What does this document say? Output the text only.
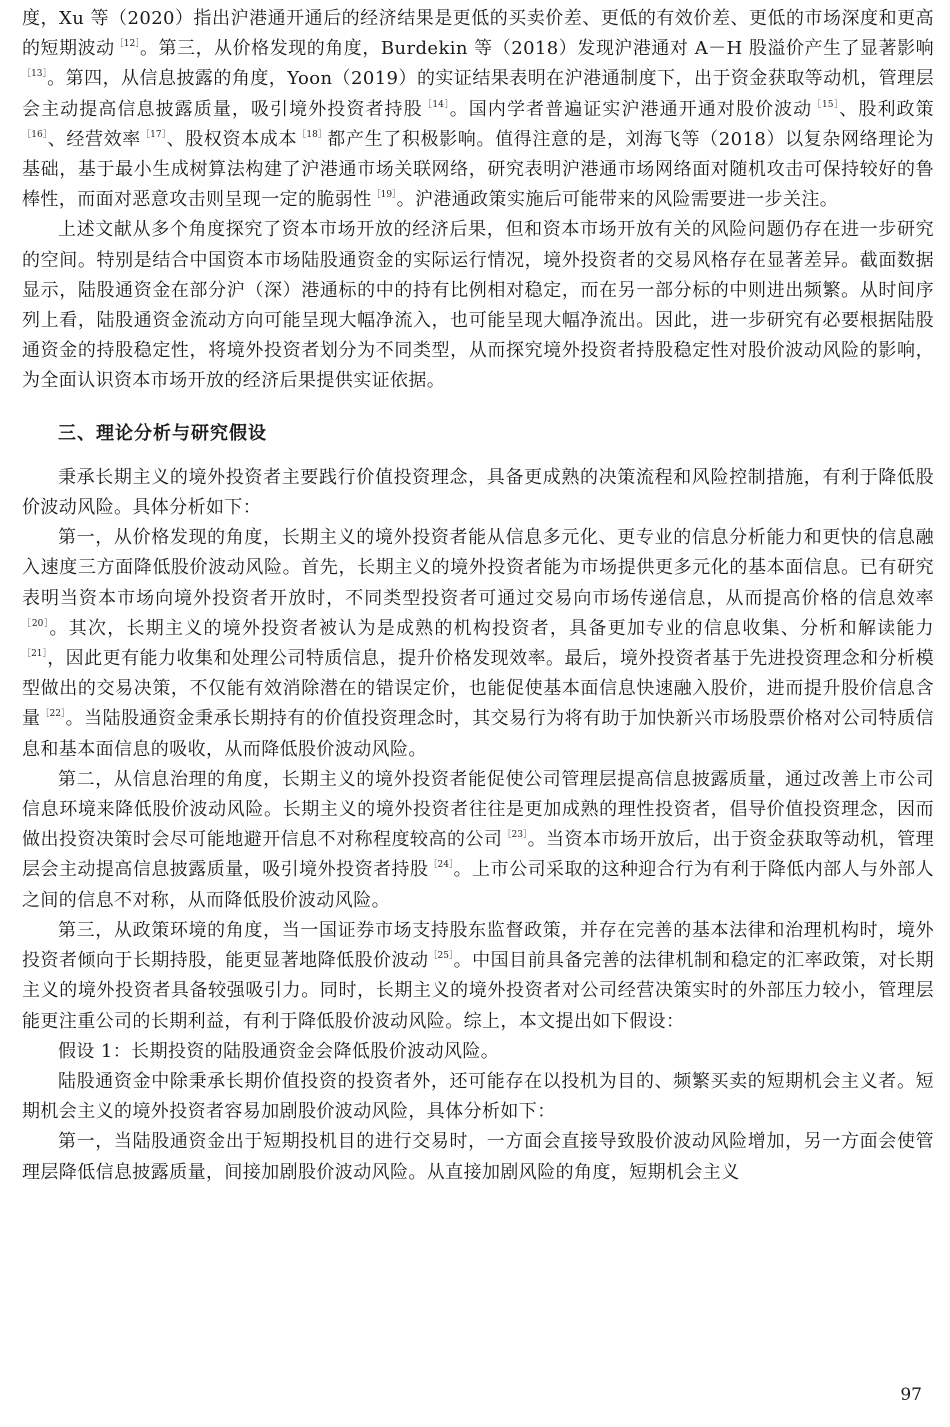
度，Xu 等（2020）指出沪港通开通后的经济结果是更低的买卖价差、更低的有效价差、更低的市场深度和更高的短期波动$^{[12]}$。第三，从价格发现的角度，Burdekin 等（2018）发现沪港通对 A－H 股溢价产生了显著影响$^{[13]}$。第四，从信息披露的角度，Yoon（2019）的实证结果表明在沪港通制度下，出于资金获取等动机，管理层会主动提高信息披露质量，吸引境外投资者持股$^{[14]}$。国内学者普遍证实沪港通开通对股价波动$^{[15]}$、股利政策$^{[16]}$、经营效率$^{[17]}$、股权资本成本$^{[18]}$都产生了积极影响。值得注意的是，刘海飞等（2018）以复杂网络理论为基础，基于最小生成树算法构建了沪港通市场关联网络，研究表明沪港通市场网络面对随机攻击可保持较好的鲁棒性，而面对恶意攻击则呈现一定的脆弱性$^{[19]}$。沪港通政策实施后可能带来的风险需要进一步关注。

上述文献从多个角度探究了资本市场开放的经济后果，但和资本市场开放有关的风险问题仍存在进一步研究的空间。特别是结合中国资本市场陆股通资金的实际运行情况，境外投资者的交易风格存在显著差异。截面数据显示，陆股通资金在部分沪（深）港通标的中的持有比例相对稳定，而在另一部分标的中则进出频繁。从时间序列上看，陆股通资金流动方向可能呈现大幅净流入，也可能呈现大幅净流出。因此，进一步研究有必要根据陆股通资金的持股稳定性，将境外投资者划分为不同类型，从而探究境外投资者持股稳定性对股价波动风险的影响，为全面认识资本市场开放的经济后果提供实证依据。

三、理论分析与研究假设

秉承长期主义的境外投资者主要践行价值投资理念，具备更成熟的决策流程和风险控制措施，有利于降低股价波动风险。具体分析如下：

第一，从价格发现的角度，长期主义的境外投资者能从信息多元化、更专业的信息分析能力和更快的信息融入速度三方面降低股价波动风险。首先，长期主义的境外投资者能为市场提供更多元化的基本面信息。已有研究表明当资本市场向境外投资者开放时，不同类型投资者可通过交易向市场传递信息，从而提高价格的信息效率$^{[20]}$。其次，长期主义的境外投资者被认为是成熟的机构投资者，具备更加专业的信息收集、分析和解读能力$^{[21]}$，因此更有能力收集和处理公司特质信息，提升价格发现效率。最后，境外投资者基于先进投资理念和分析模型做出的交易决策，不仅能有效消除潜在的错误定价，也能促使基本面信息快速融入股价，进而提升股价信息含量$^{[22]}$。当陆股通资金秉承长期持有的价值投资理念时，其交易行为将有助于加快新兴市场股票价格对公司特质信息和基本面信息的吸收，从而降低股价波动风险。

第二，从信息治理的角度，长期主义的境外投资者能促使公司管理层提高信息披露质量，通过改善上市公司信息环境来降低股价波动风险。长期主义的境外投资者往往是更加成熟的理性投资者，倡导价值投资理念，因而做出投资决策时会尽可能地避开信息不对称程度较高的公司$^{[23]}$。当资本市场开放后，出于资金获取等动机，管理层会主动提高信息披露质量，吸引境外投资者持股$^{[24]}$。上市公司采取的这种迎合行为有利于降低内部人与外部人之间的信息不对称，从而降低股价波动风险。

第三，从政策环境的角度，当一国证券市场支持股东监督政策，并存在完善的基本法律和治理机构时，境外投资者倾向于长期持股，能更显著地降低股价波动$^{[25]}$。中国目前具备完善的法律机制和稳定的汇率政策，对长期主义的境外投资者具备较强吸引力。同时，长期主义的境外投资者对公司经营决策实时的外部压力较小，管理层能更注重公司的长期利益，有利于降低股价波动风险。综上，本文提出如下假设：

假设 1：长期投资的陆股通资金会降低股价波动风险。

陆股通资金中除秉承长期价值投资的投资者外，还可能存在以投机为目的、频繁买卖的短期机会主义者。短期机会主义的境外投资者容易加剧股价波动风险，具体分析如下：

第一，当陆股通资金出于短期投机目的进行交易时，一方面会直接导致股价波动风险增加，另一方面会使管理层降低信息披露质量，间接加剧股价波动风险。从直接加剧风险的角度，短期机会主义

97
